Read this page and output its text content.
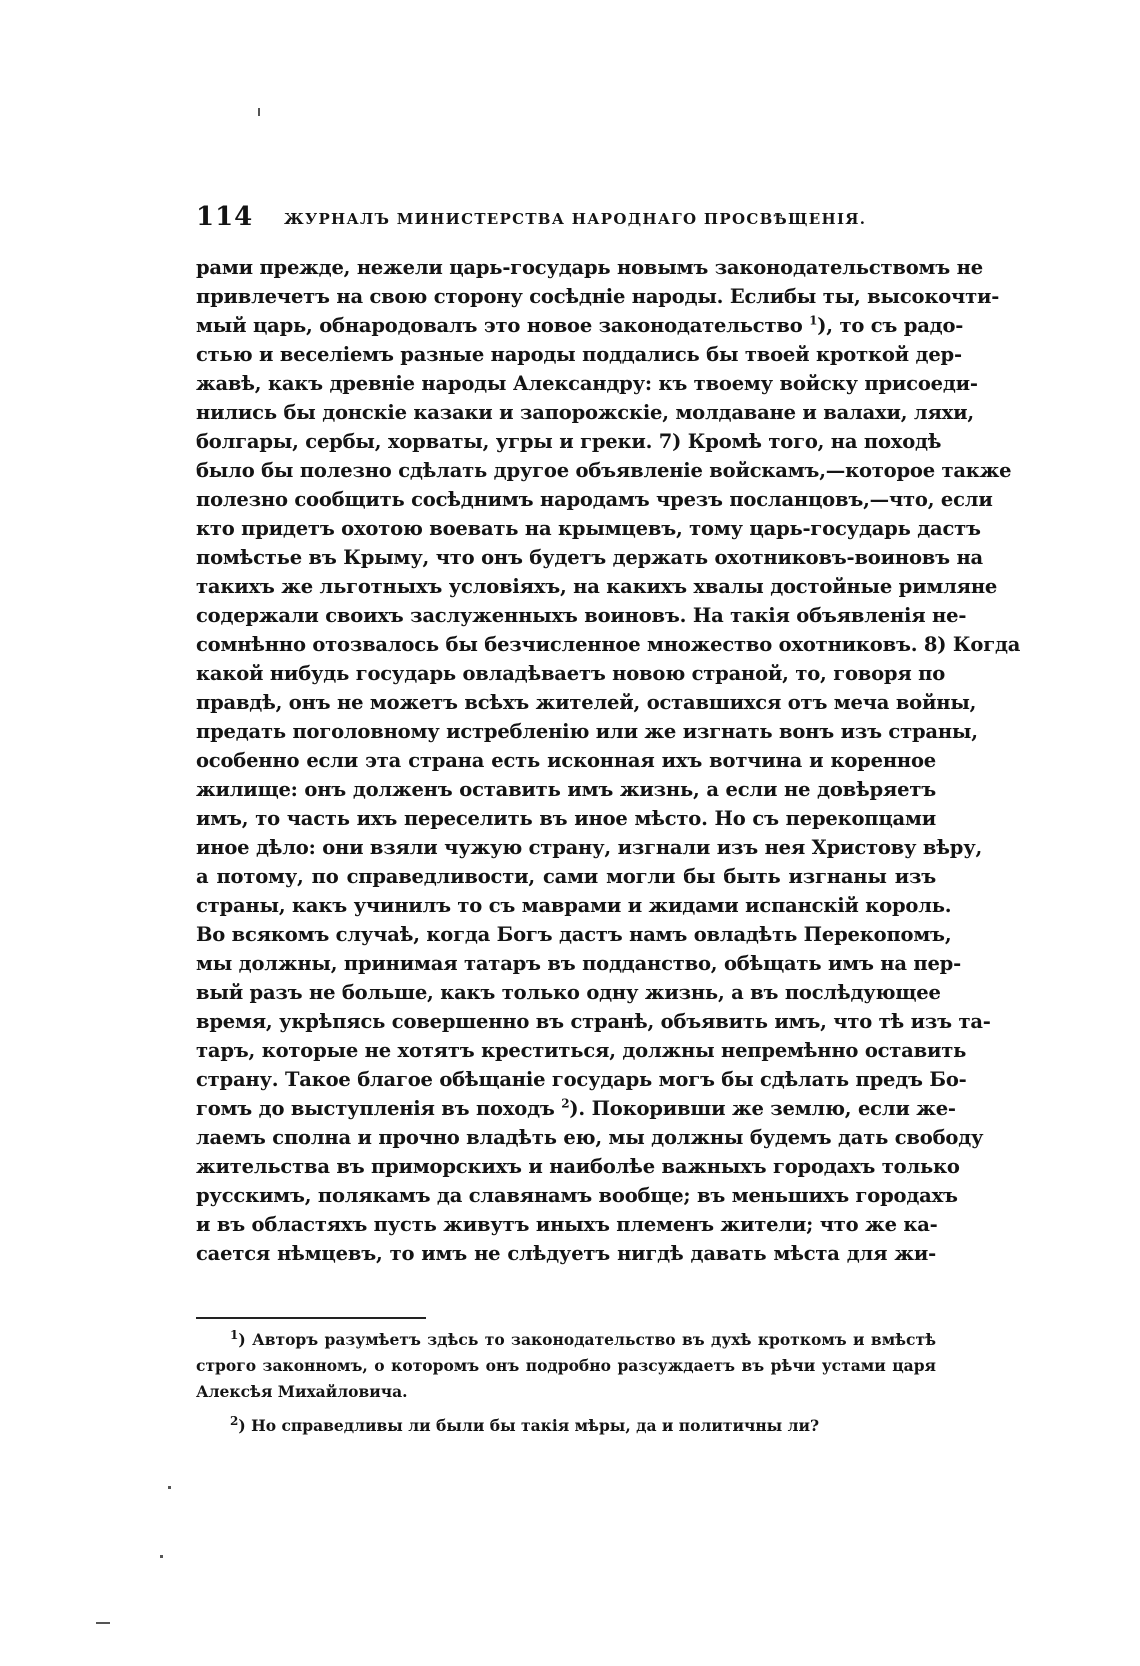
114 ЖУРНАЛЪ МИНИСТЕРСТВА НАРОДНАГО ПРОСВѢЩЕНІЯ.
рами прежде, нежели царь-государь новымъ законодательствомъ не
привлечетъ на свою сторону сосѣдніе народы. Еслибы ты, высокочти-
мый царь, обнародовалъ это новое законодательство $^1$), то съ радо-
стью и веселіемъ разные народы поддались бы твоей кроткой дер-
жавѣ, какъ древніе народы Александру: къ твоему войску присоеди-
нились бы донскіе казаки и запорожскіе, молдаване и валахи, ляхи,
болгары, сербы, хорваты, угры и греки. 7) Кромѣ того, на походѣ
было бы полезно сдѣлать другое объявленіе войскамъ,—которое также
полезно сообщить сосѣднимъ народамъ чрезъ посланцовъ,—что, если
кто придетъ охотою воевать на крымцевъ, тому царь-государь дастъ
помѣстье въ Крыму, что онъ будетъ держать охотниковъ-воиновъ на
такихъ же льготныхъ условіяхъ, на какихъ хвалы достойные римляне
содержали своихъ заслуженныхъ воиновъ. На такія объявленія не-
сомнѣнно отозвалось бы безчисленное множество охотниковъ. 8) Когда
какой нибудь государь овладѣваетъ новою страной, то, говоря по
правдѣ, онъ не можетъ всѣхъ жителей, оставшихся отъ меча войны,
предать поголовному истребленію или же изгнать вонъ изъ страны,
особенно если эта страна есть исконная ихъ вотчина и коренное
жилище: онъ долженъ оставить имъ жизнь, а если не довѣряетъ
имъ, то часть ихъ переселить въ иное мѣсто. Но съ перекопцами
иное дѣло: они взяли чужую страну, изгнали изъ нея Христову вѣру,
а потому, по справедливости, сами могли бы быть изгнаны изъ
страны, какъ учинилъ то съ маврами и жидами испанскій король.
Во всякомъ случаѣ, когда Богъ дастъ намъ овладѣть Перекопомъ,
мы должны, принимая татаръ въ подданство, обѣщать имъ на пер-
вый разъ не больше, какъ только одну жизнь, а въ послѣдующее
время, укрѣпясь совершенно въ странѣ, объявить имъ, что тѣ изъ та-
таръ, которые не хотятъ креститься, должны непремѣнно оставить
страну. Такое благое обѣщаніе государь могъ бы сдѣлать предъ Бо-
гомъ до выступленія въ походъ $^2$). Покоривши же землю, если же-
лаемъ сполна и прочно владѣть ею, мы должны будемъ дать свободу
жительства въ приморскихъ и наиболѣе важныхъ городахъ только
русскимъ, полякамъ да славянамъ вообще; въ меньшихъ городахъ
и въ областяхъ пусть живутъ иныхъ племенъ жители; что же ка-
сается нѣмцевъ, то имъ не слѣдуетъ нигдѣ давать мѣста для жи-
$^1$) Авторъ разумѣетъ здѣсь то законодательство въ духѣ кроткомъ и вмѣстѣ
строго законномъ, о которомъ онъ подробно разсуждаетъ въ рѣчи устами царя
Алексѣя Михайловича.
$^2$) Но справедливы ли были бы такія мѣры, да и политичны ли?
